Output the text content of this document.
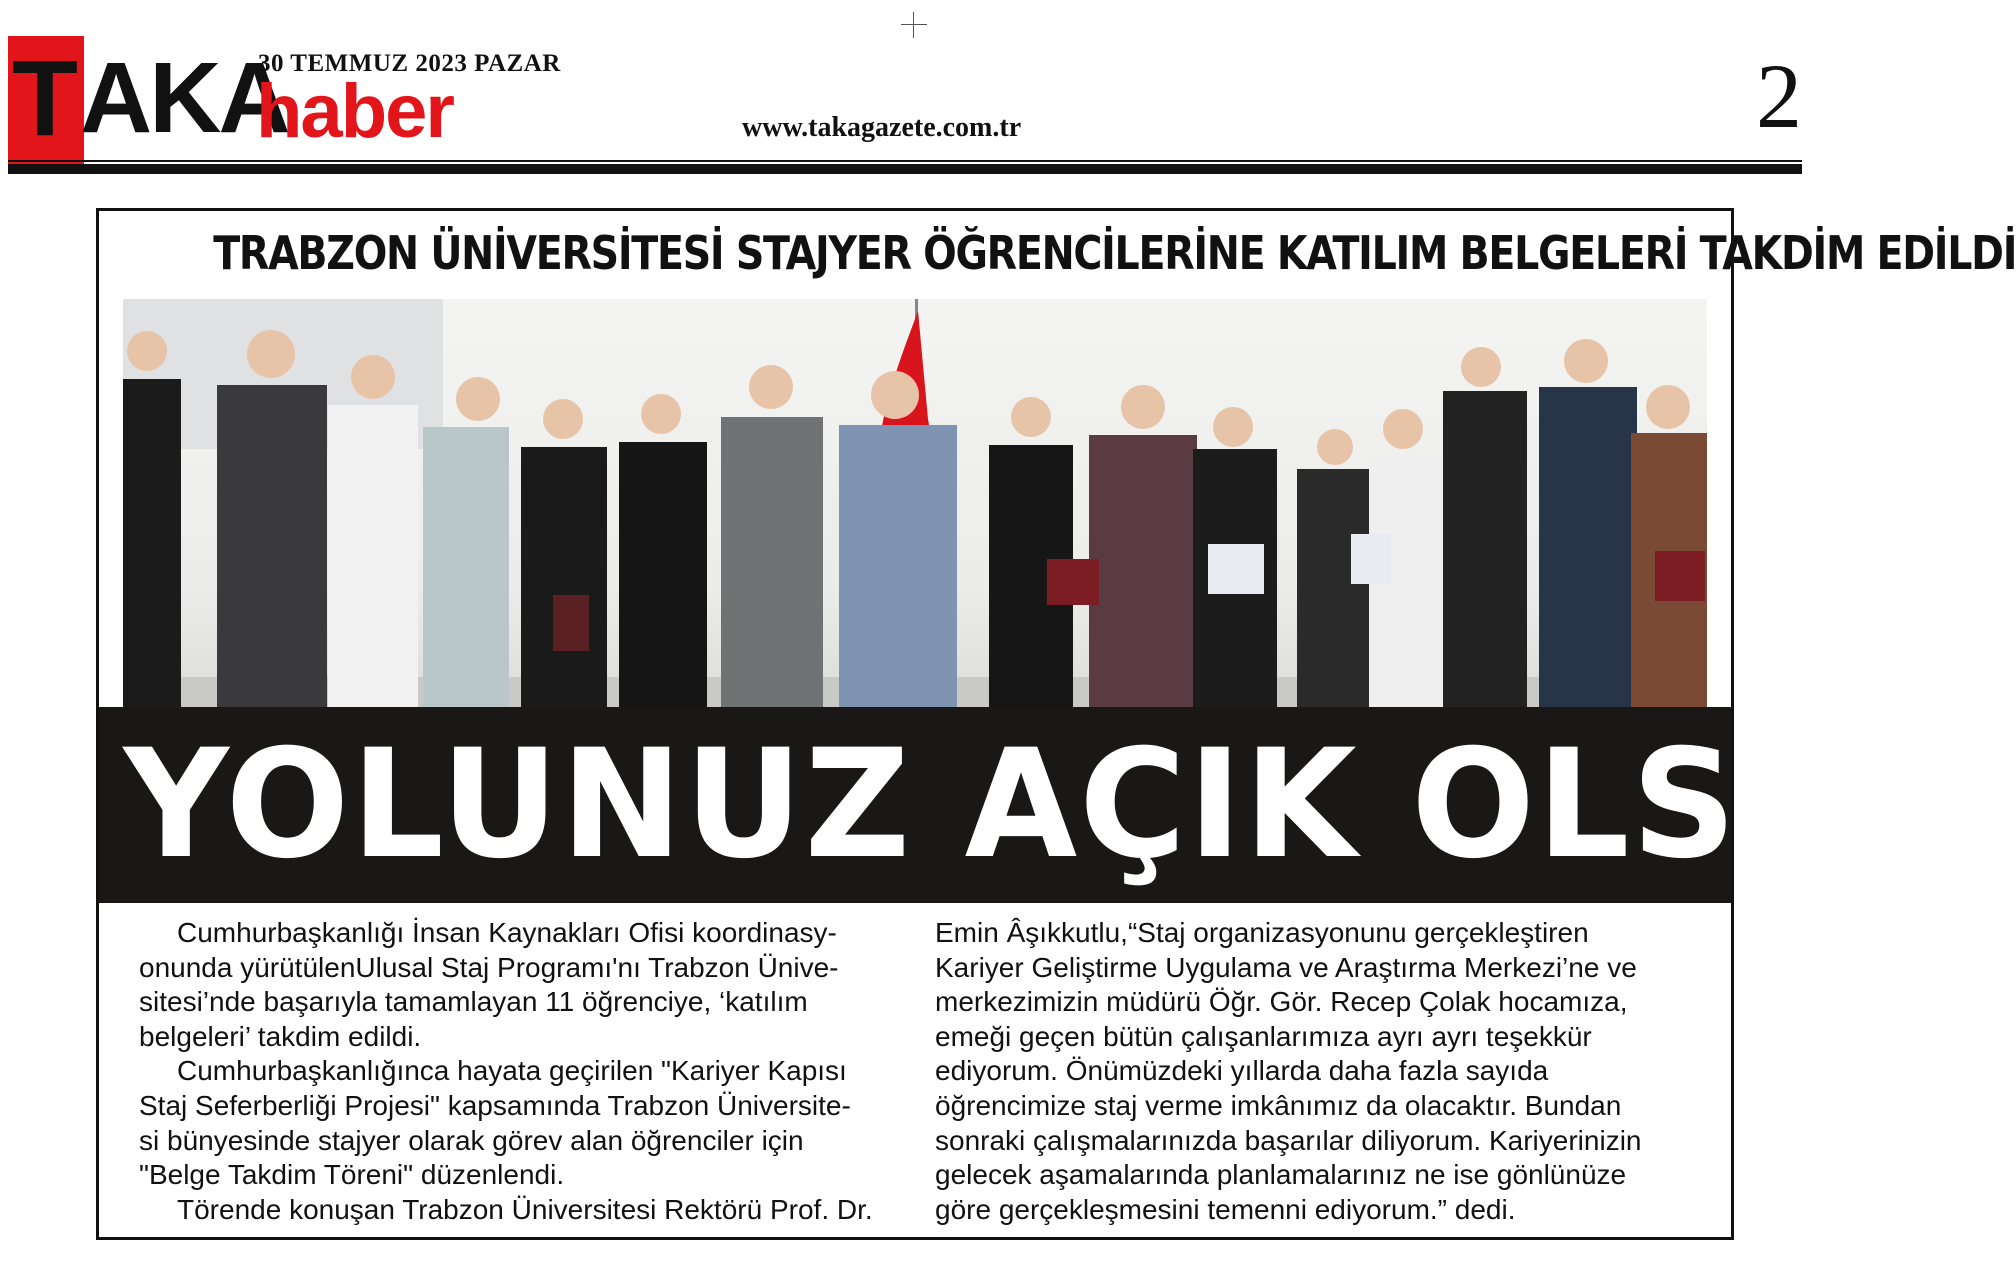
T AKA
30 TEMMUZ 2023 PAZAR
haber	www.takagazete.com.tr	2
TRABZON ÜNİVERSİTESİ STAJYER ÖĞRENCİLERİNE KATILIM BELGELERİ TAKDİM EDİLDİ
YOLUNUZ AÇIK OLSUN
Cumhurbaşkanlığı İnsan Kaynakları Ofisi koordinasy-
onunda yürütülenUlusal Staj Programı'nı Trabzon Ünive-
sitesi’nde başarıyla tamamlayan 11 öğrenciye, ‘katılım
belgeleri’ takdim edildi.
Cumhurbaşkanlığınca hayata geçirilen "Kariyer Kapısı
Staj Seferberliği Projesi" kapsamında Trabzon Üniversite-
si bünyesinde stajyer olarak görev alan öğrenciler için
"Belge Takdim Töreni" düzenlendi.
Törende konuşan Trabzon Üniversitesi Rektörü Prof. Dr.
Emin Âşıkkutlu,“Staj organizasyonunu gerçekleştiren
Kariyer Geliştirme Uygulama ve Araştırma Merkezi’ne ve
merkezimizin müdürü Öğr. Gör. Recep Çolak hocamıza,
emeği geçen bütün çalışanlarımıza ayrı ayrı teşekkür
ediyorum. Önümüzdeki yıllarda daha fazla sayıda
öğrencimize staj verme imkânımız da olacaktır. Bundan
sonraki çalışmalarınızda başarılar diliyorum. Kariyerinizin
gelecek aşamalarında planlamalarınız ne ise gönlünüze
göre gerçekleşmesini temenni ediyorum.” dedi.
